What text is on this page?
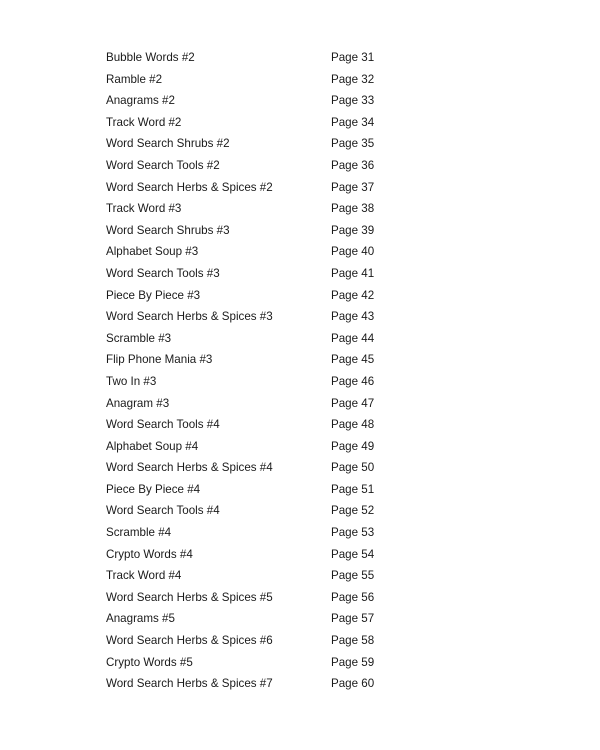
Bubble Words #2	Page 31
Ramble #2	Page 32
Anagrams #2	Page 33
Track Word #2	Page 34
Word Search Shrubs #2	Page 35
Word Search Tools #2	Page 36
Word Search Herbs & Spices #2	Page 37
Track Word #3	Page 38
Word Search Shrubs #3	Page 39
Alphabet Soup #3	Page 40
Word Search Tools #3	Page 41
Piece By Piece #3	Page 42
Word Search Herbs & Spices #3	Page 43
Scramble #3	Page 44
Flip Phone Mania #3	Page 45
Two In #3	Page 46
Anagram #3	Page 47
Word Search Tools #4	Page 48
Alphabet Soup #4	Page 49
Word Search Herbs & Spices #4	Page 50
Piece By Piece #4	Page 51
Word Search Tools #4	Page 52
Scramble #4	Page 53
Crypto Words #4	Page 54
Track Word #4	Page 55
Word Search Herbs & Spices #5	Page 56
Anagrams #5	Page 57
Word Search Herbs & Spices #6	Page 58
Crypto Words #5	Page 59
Word Search Herbs & Spices #7	Page 60
